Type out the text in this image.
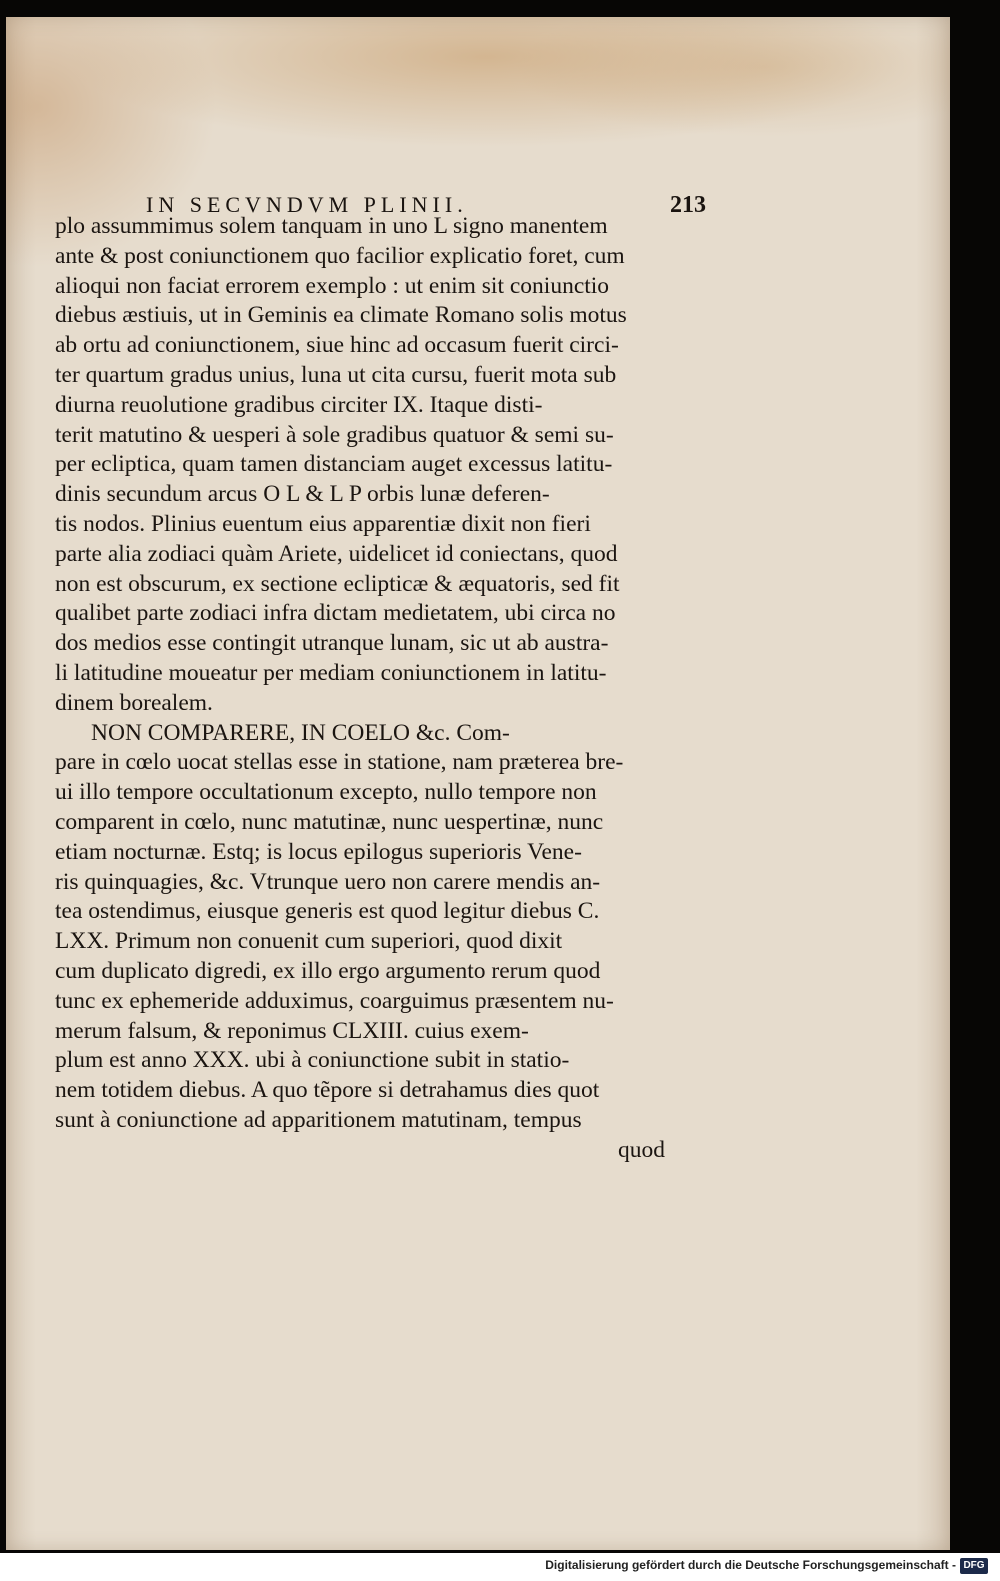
IN SECVNDVM PLINII.	213
plo assummimus solem tanquam in uno L signo manentem
ante & post coniunctionem quo facilior explicatio foret, cum
alioqui non faciat errorem exemplo : ut enim sit coniunctio
diebus æstiuis, ut in Geminis ea climate Romano solis motus
ab ortu ad coniunctionem, siue hinc ad occasum fuerit circi-
ter quartum gradus unius, luna ut cita cursu, fuerit mota sub
diurna reuolutione gradibus circiter IX. Itaque disti-
terit matutino & uesperi à sole gradibus quatuor & semi su-
per ecliptica, quam tamen distanciam auget excessus latitu-
dinis secundum arcus O L & L P orbis lunæ deferen-
tis nodos. Plinius euentum eius apparentiæ dixit non fieri
parte alia zodiaci quàm Ariete, uidelicet id coniectans, quod
non est obscurum, ex sectione eclipticæ & æquatoris, sed fit
qualibet parte zodiaci infra dictam medietatem, ubi circa no
dos medios esse contingit utranque lunam, sic ut ab austra-
li latitudine moueatur per mediam coniunctionem in latitu-
dinem borealem.
NON COMPARERE, IN COELO &c. Com-
pare in cœlo uocat stellas esse in statione, nam præterea bre-
ui illo tempore occultationum excepto, nullo tempore non
comparent in cœlo, nunc matutinæ, nunc uespertinæ, nunc
etiam nocturnæ. Estq; is locus epilogus superioris Vene-
ris quinquagies, &c. Vtrunque uero non carere mendis an-
tea ostendimus, eiusque generis est quod legitur diebus C.
LXX. Primum non conuenit cum superiori, quod dixit
cum duplicato digredi, ex illo ergo argumento rerum quod
tunc ex ephemeride adduximus, coarguimus præsentem nu-
merum falsum, & reponimus CLXIII. cuius exem-
plum est anno XXX. ubi à coniunctione subit in statio-
nem totidem diebus. A quo tẽpore si detrahamus dies quot
sunt à coniunctione ad apparitionem matutinam, tempus
quod
Digitalisierung gefördert durch die Deutsche Forschungsgemeinschaft - DFG
